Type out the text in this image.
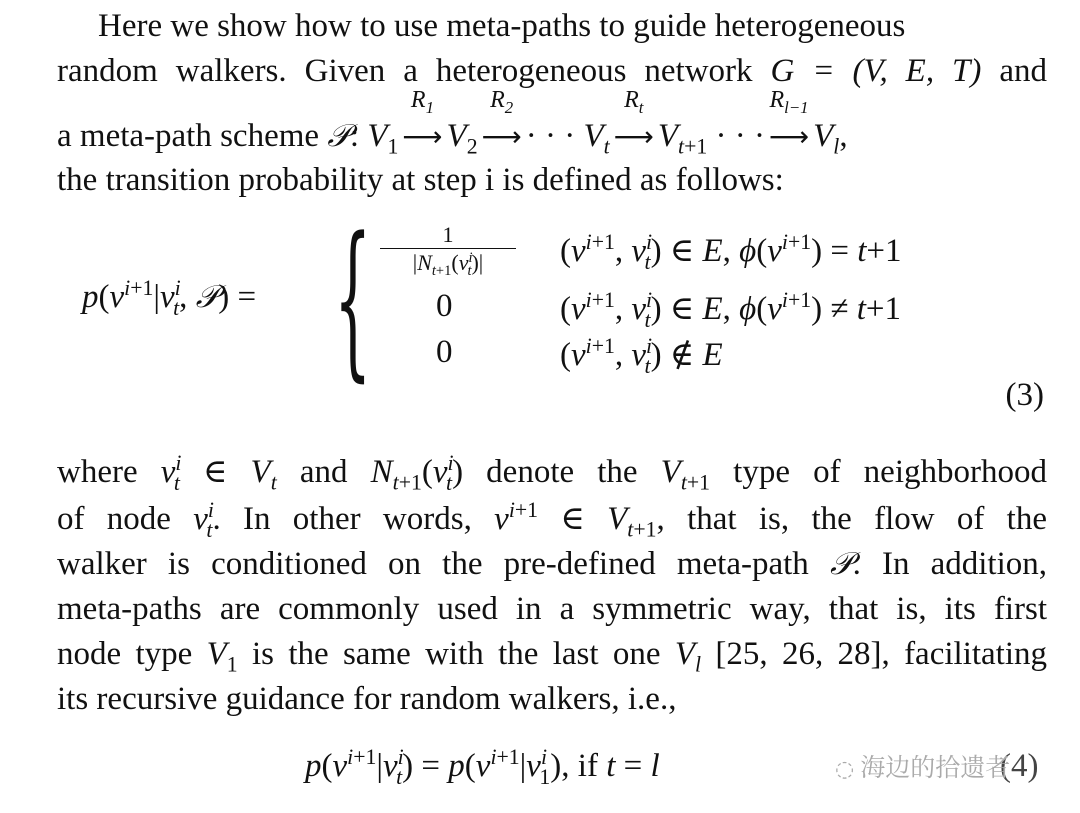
Here we show how to use meta-paths to guide heterogeneous
random walkers. Given a heterogeneous network G = (V, E, T) and
a meta-path scheme 𝒫: $V_1$
$R_1$
⟶ $V_2$
$R_2$
⟶ · · · $V_t$
$R_t$
⟶ $V_{t+1}$ · · ·
$R_{l-1}$
⟶ $V_l$,
the transition probability at step i is defined as follows:
$p(v^{i+1}|v^i_t$, 𝒫) = {	1
$|N_{t+1}(v^i_t)|$	($v^{i+1}$, $v^i_t$) ∈ E, $\phi(v^{i+1}) = t+1$
0	($v^{i+1}$, $v^i_t$) ∈ E, $\phi(v^{i+1}) \ne t+1$
0	($v^{i+1}$, $v^i_t$) ∉ E
(3)
where $v^i_t$ ∈ $V_t$ and $N_{t+1}(v^i_t)$ denote the $V_{t+1}$ type of neighborhood
of node $v^i_t$. In other words, $v^{i+1}$ ∈ $V_{t+1}$, that is, the flow of the
walker is conditioned on the pre-defined meta-path 𝒫. In addition,
meta-paths are commonly used in a symmetric way, that is, its first
node type $V_1$ is the same with the last one $V_l$ [25, 26, 28], facilitating
its recursive guidance for random walkers, i.e.,
$p(v^{i+1}|v^i_t) = p(v^{i+1}|v^i_1)$, if t = l	(4)
◌ 海边的拾遗者
